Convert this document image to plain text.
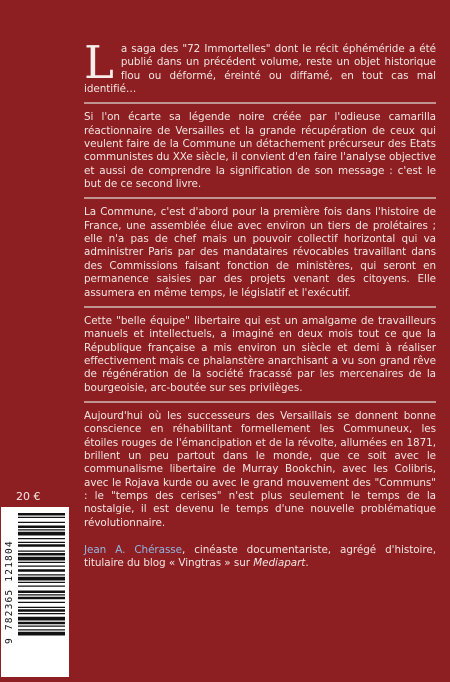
La saga des "72 Immortelles" dont le récit éphéméride a été publié dans un précédent volume, reste un objet historique flou ou déformé, éreinté ou diffamé, en tout cas mal identifié…
Si l'on écarte sa légende noire créée par l'odieuse camarilla réactionnaire de Versailles et la grande récupération de ceux qui veulent faire de la Commune un détachement précurseur des Etats communistes du XXe siècle, il convient d'en faire l'analyse objective et aussi de comprendre la signification de son message : c'est le but de ce second livre.
La Commune, c'est d'abord pour la première fois dans l'histoire de France, une assemblée élue avec environ un tiers de prolétaires ; elle n'a pas de chef mais un pouvoir collectif horizontal qui va administrer Paris par des mandataires révocables travaillant dans des Commissions faisant fonction de ministères, qui seront en permanence saisies par des projets venant des citoyens. Elle assumera en même temps, le législatif et l'exécutif.
Cette "belle équipe" libertaire qui est un amalgame de travailleurs manuels et intellectuels, a imaginé en deux mois tout ce que la République française a mis environ un siècle et demi à réaliser effectivement mais ce phalanstère anarchisant a vu son grand rêve de régénération de la société fracassé par les mercenaires de la bourgeoisie, arc-boutée sur ses privilèges.
Aujourd'hui où les successeurs des Versaillais se donnent bonne conscience en réhabilitant formellement les Communeux, les étoiles rouges de l'émancipation et de la révolte, allumées en 1871, brillent un peu partout dans le monde, que ce soit avec le communalisme libertaire de Murray Bookchin, avec les Colibris, avec le Rojava kurde ou avec le grand mouvement des "Communs" : le "temps des cerises" n'est plus seulement le temps de la nostalgie, il est devenu le temps d'une nouvelle problématique révolutionnaire.
Jean A. Chérasse, cinéaste documentariste, agrégé d'histoire, titulaire du blog « Vingtras » sur Mediapart.
20 €
9 782365 121804
